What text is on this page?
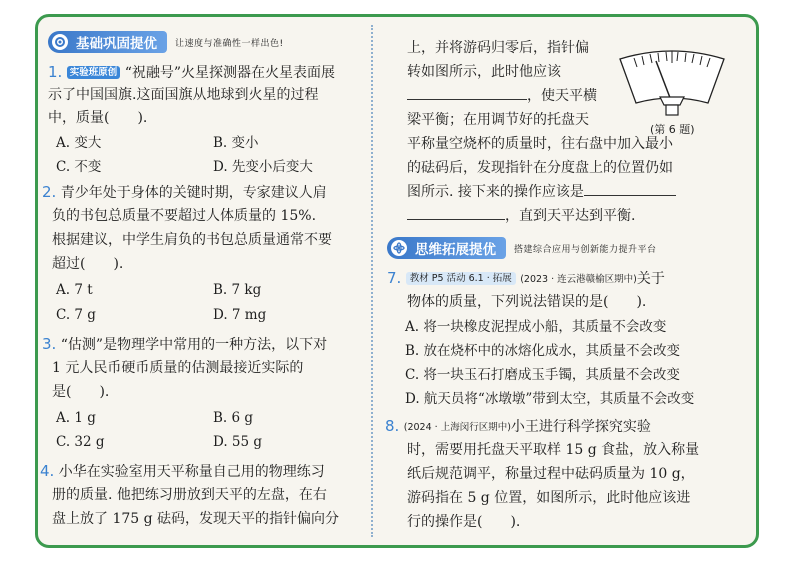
基础巩固提优 让速度与准确性一样出色!
1. 实验班原创 “祝融号”火星探测器在火星表面展
示了中国国旗.这面国旗从地球到火星的过程
中，质量(　　).
A. 变大	B. 变小
C. 不变	D. 先变小后变大
2. 青少年处于身体的关键时期，专家建议人肩
负的书包总质量不要超过人体质量的 15%.
根据建议，中学生肩负的书包总质量通常不要
超过(　　).
A. 7 t	B. 7 kg
C. 7 g	D. 7 mg
3. “估测”是物理学中常用的一种方法，以下对
1 元人民币硬币质量的估测最接近实际的
是(　　).
A. 1 g	B. 6 g
C. 32 g	D. 55 g
4. 小华在实验室用天平称量自己用的物理练习
册的质量. 他把练习册放到天平的左盘，在右
盘上放了 175 g 砝码，发现天平的指针偏向分
上，并将游码归零后，指针偏
转如图所示，此时他应该
，使天平横
梁平衡；在用调节好的托盘天
平称量空烧杯的质量时，往右盘中加入最小
的砝码后，发现指针在分度盘上的位置仍如
图所示. 接下来的操作应该是
，直到天平达到平衡.
思维拓展提优 搭建综合应用与创新能力提升平台
7. 教材 P5 活动 6.1 · 拓展 (2023 · 连云港赣榆区期中)关于
物体的质量，下列说法错误的是(　　).
A. 将一块橡皮泥捏成小船，其质量不会改变
B. 放在烧杯中的冰熔化成水，其质量不会改变
C. 将一块玉石打磨成玉手镯，其质量不会改变
D. 航天员将“冰墩墩”带到太空，其质量不会改变
8. (2024 · 上海闵行区期中)小王进行科学探究实验
时，需要用托盘天平取样 15 g 食盐，放入称量
纸后规范调平，称量过程中砝码质量为 10 g，
游码指在 5 g 位置，如图所示，此时他应该进
行的操作是(　　).
(第 6 题)
